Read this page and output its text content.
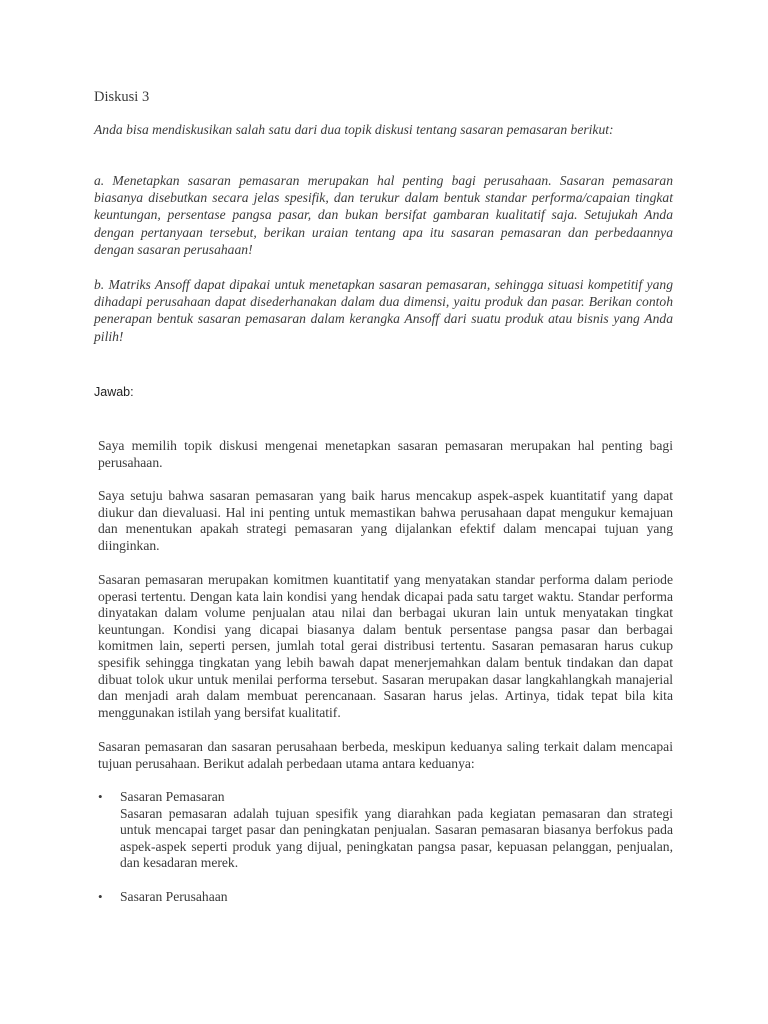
Diskusi 3

Anda bisa mendiskusikan salah satu dari dua topik diskusi tentang sasaran pemasaran berikut:

a. Menetapkan sasaran pemasaran merupakan hal penting bagi perusahaan. Sasaran pemasaran biasanya disebutkan secara jelas spesifik, dan terukur dalam bentuk standar performa/capaian tingkat keuntungan, persentase pangsa pasar, dan bukan bersifat gambaran kualitatif saja. Setujukah Anda dengan pertanyaan tersebut, berikan uraian tentang apa itu sasaran pemasaran dan perbedaannya dengan sasaran perusahaan!

b. Matriks Ansoff dapat dipakai untuk menetapkan sasaran pemasaran, sehingga situasi kompetitif yang dihadapi perusahaan dapat disederhanakan dalam dua dimensi, yaitu produk dan pasar. Berikan contoh penerapan bentuk sasaran pemasaran dalam kerangka Ansoff dari suatu produk atau bisnis yang Anda pilih!

Jawab:

Saya memilih topik diskusi mengenai menetapkan sasaran pemasaran merupakan hal penting bagi perusahaan.

Saya setuju bahwa sasaran pemasaran yang baik harus mencakup aspek-aspek kuantitatif yang dapat diukur dan dievaluasi. Hal ini penting untuk memastikan bahwa perusahaan dapat mengukur kemajuan dan menentukan apakah strategi pemasaran yang dijalankan efektif dalam mencapai tujuan yang diinginkan.

Sasaran pemasaran merupakan komitmen kuantitatif yang menyatakan standar performa dalam periode operasi tertentu. Dengan kata lain kondisi yang hendak dicapai pada satu target waktu. Standar performa dinyatakan dalam volume penjualan atau nilai dan berbagai ukuran lain untuk menyatakan tingkat keuntungan. Kondisi yang dicapai biasanya dalam bentuk persentase pangsa pasar dan berbagai komitmen lain, seperti persen, jumlah total gerai distribusi tertentu. Sasaran pemasaran harus cukup spesifik sehingga tingkatan yang lebih bawah dapat menerjemahkan dalam bentuk tindakan dan dapat dibuat tolok ukur untuk menilai performa tersebut. Sasaran merupakan dasar langkahlangkah manajerial dan menjadi arah dalam membuat perencanaan. Sasaran harus jelas. Artinya, tidak tepat bila kita menggunakan istilah yang bersifat kualitatif.

Sasaran pemasaran dan sasaran perusahaan berbeda, meskipun keduanya saling terkait dalam mencapai tujuan perusahaan. Berikut adalah perbedaan utama antara keduanya:

•	Sasaran Pemasaran

Sasaran pemasaran adalah tujuan spesifik yang diarahkan pada kegiatan pemasaran dan strategi untuk mencapai target pasar dan peningkatan penjualan. Sasaran pemasaran biasanya berfokus pada aspek-aspek seperti produk yang dijual, peningkatan pangsa pasar, kepuasan pelanggan, penjualan, dan kesadaran merek.

•	Sasaran Perusahaan
